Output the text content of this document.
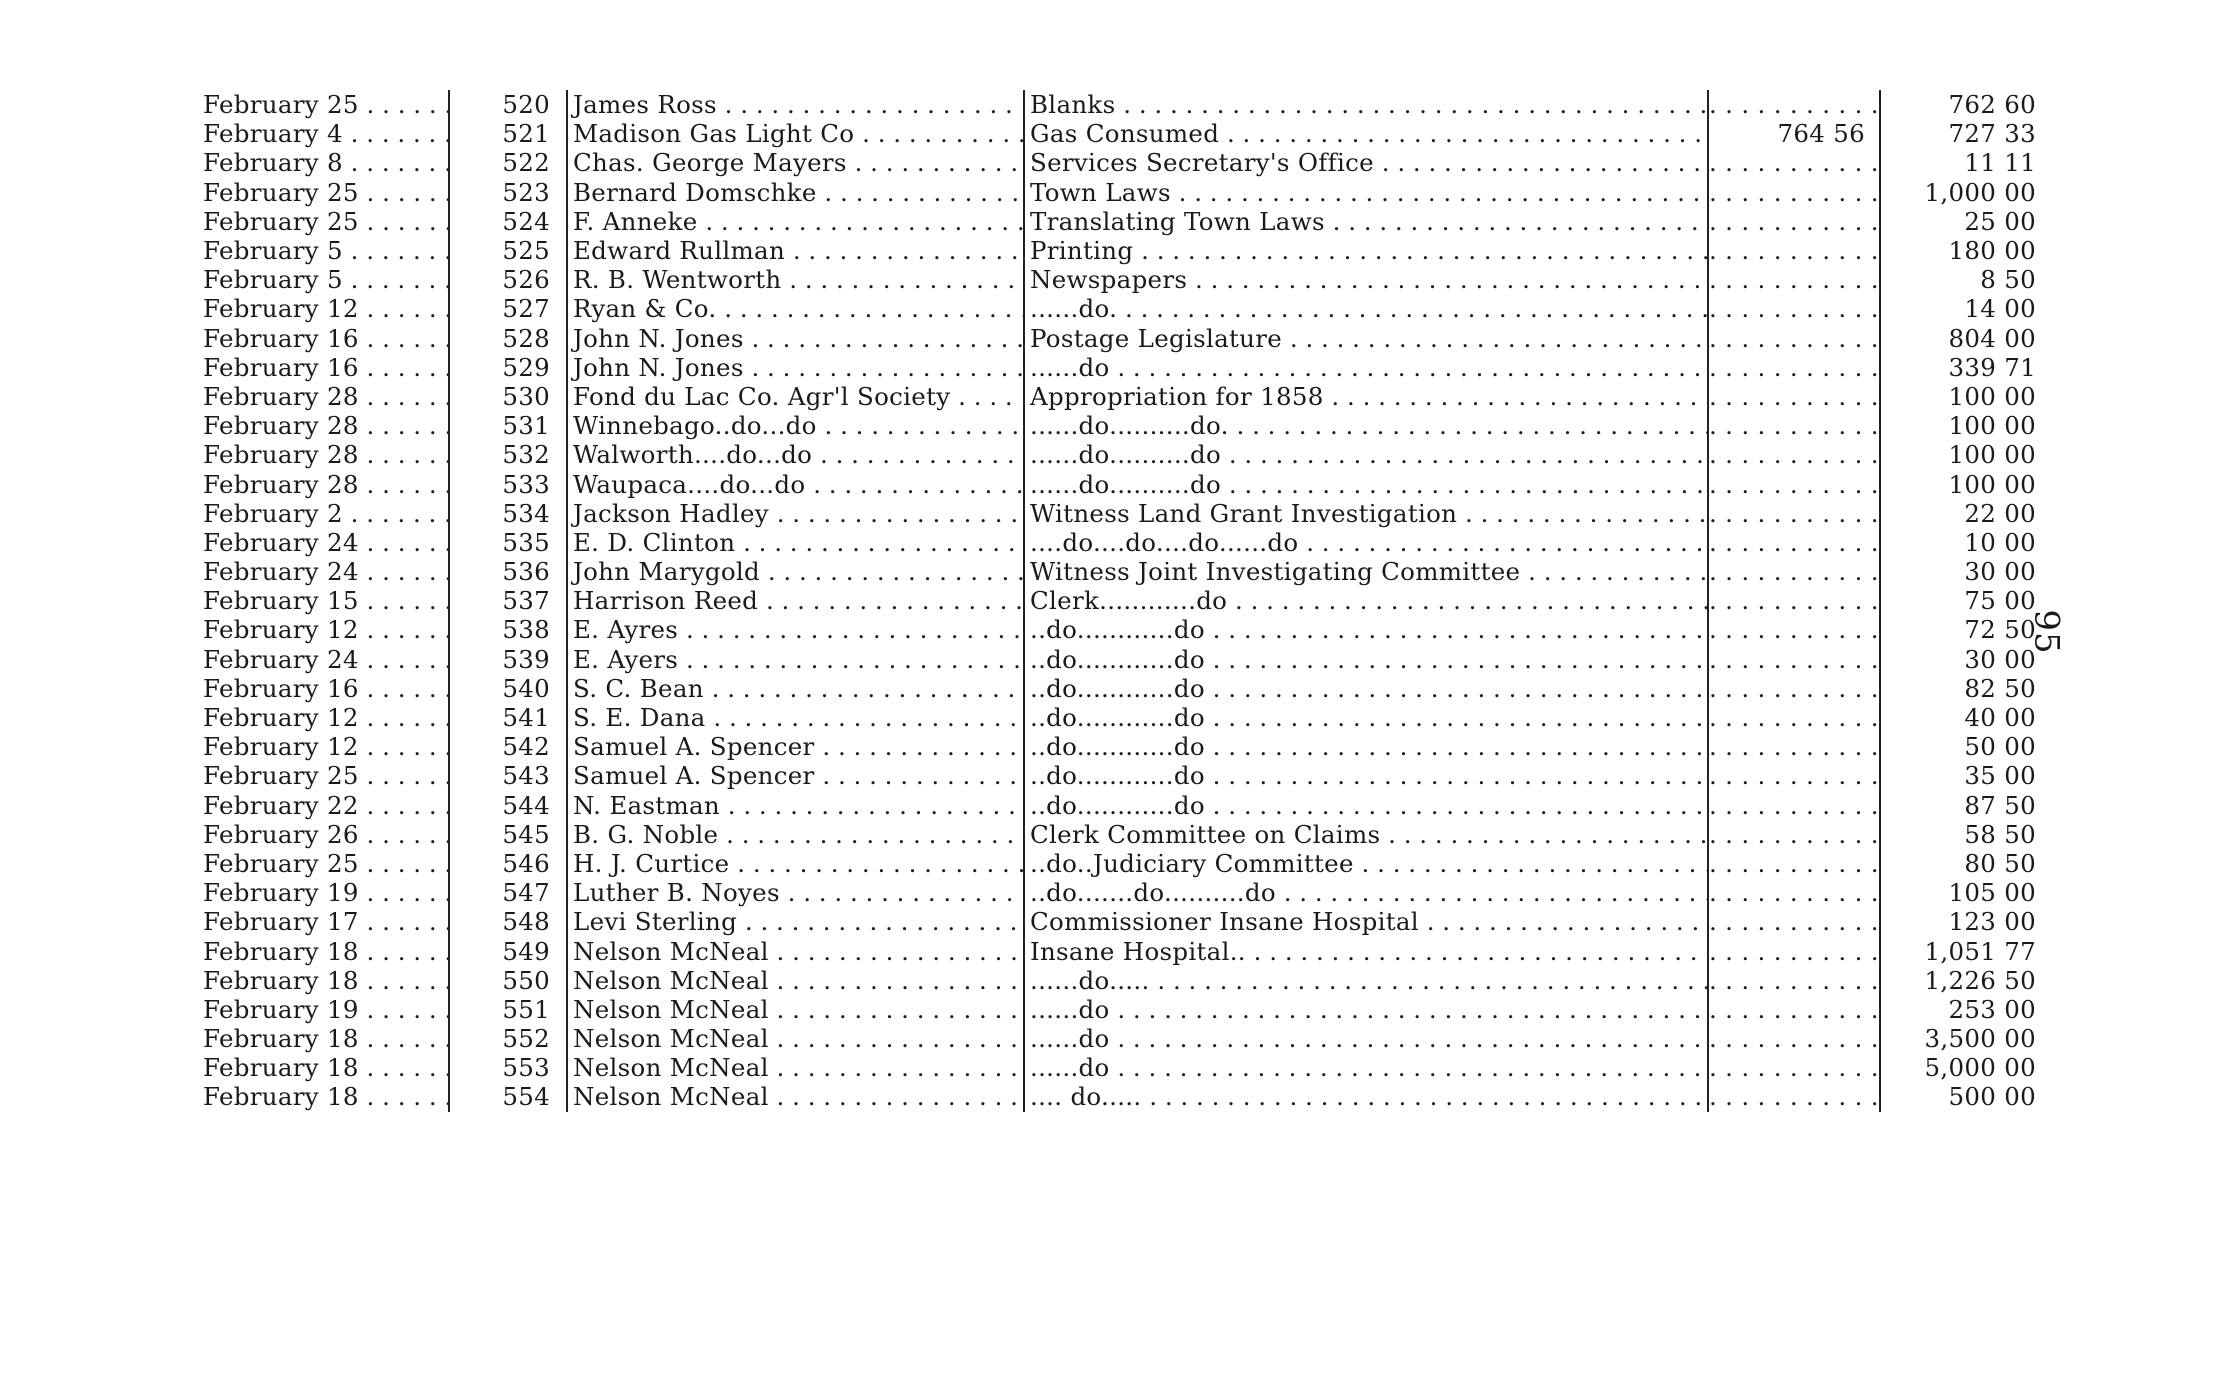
February 25 . . .	520	James Ross . . .	Blanks . . .	. . .	762 60
February 4 . . .	521	Madison Gas Light Co . . .	Gas Consumed . . .	764 56	727 33
February 8 . . .	522	Chas. George Mayers . . .	Services Secretary's Office . . .	. . .	11 11
February 25 . . .	523	Bernard Domschke . . .	Town Laws . . .	. . .	1,000 00
February 25 . . .	524	F. Anneke . . .	Translating Town Laws . . .	. . .	25 00
February 5 . . .	525	Edward Rullman . . .	Printing . . .	. . .	180 00
February 5 . . .	526	R. B. Wentworth . . .	Newspapers . . .	. . .	8 50
February 12 . . .	527	Ryan & Co. . . .	......do. . . .	. . .	14 00
February 16 . . .	528	John N. Jones . . .	Postage Legislature . . .	. . .	804 00
February 16 . . .	529	John N. Jones . . .	......do . . .	. . .	339 71
February 28 . . .	530	Fond du Lac Co. Agr'l Society . . .	Appropriation for 1858 . . .	. . .	100 00
February 28 . . .	531	Winnebago..do...do . . .	......do..........do. . . .	. . .	100 00
February 28 . . .	532	Walworth....do...do . . .	......do..........do . . .	. . .	100 00
February 28 . . .	533	Waupaca....do...do . . .	......do..........do . . .	. . .	100 00
February 2 . . .	534	Jackson Hadley . . .	Witness Land Grant Investigation . . .	. . .	22 00
February 24 . . .	535	E. D. Clinton . . .	....do....do....do......do . . .	. . .	10 00
February 24 . . .	536	John Marygold . . .	Witness Joint Investigating Committee . . .	. . .	30 00
February 15 . . .	537	Harrison Reed . . .	Clerk............do . . .	. . .	75 00
February 12 . . .	538	E. Ayres . . .	..do............do . . .	. . .	72 50
February 24 . . .	539	E. Ayers . . .	..do............do . . .	. . .	30 00
February 16 . . .	540	S. C. Bean . . .	..do............do . . .	. . .	82 50
February 12 . . .	541	S. E. Dana . . .	..do............do . . .	. . .	40 00
February 12 . . .	542	Samuel A. Spencer . . .	..do............do . . .	. . .	50 00
February 25 . . .	543	Samuel A. Spencer . . .	..do............do . . .	. . .	35 00
February 22 . . .	544	N. Eastman . . .	..do............do . . .	. . .	87 50
February 26 . . .	545	B. G. Noble . . .	Clerk Committee on Claims . . .	. . .	58 50
February 25 . . .	546	H. J. Curtice . . .	..do..Judiciary Committee . . .	. . .	80 50
February 19 . . .	547	Luther B. Noyes . . .	..do.......do..........do . . .	. . .	105 00
February 17 . . .	548	Levi Sterling . . .	Commissioner Insane Hospital . . .	. . .	123 00
February 18 . . .	549	Nelson McNeal . . .	Insane Hospital.. . . .	. . .	1,051 77
February 18 . . .	550	Nelson McNeal . . .	......do..... . . .	. . .	1,226 50
February 19 . . .	551	Nelson McNeal . . .	......do . . .	. . .	253 00
February 18 . . .	552	Nelson McNeal . . .	......do . . .	. . .	3,500 00
February 18 . . .	553	Nelson McNeal . . .	......do . . .	. . .	5,000 00
February 18 . . .	554	Nelson McNeal . . .	.... do..... . . .	. . .	500 00
95
